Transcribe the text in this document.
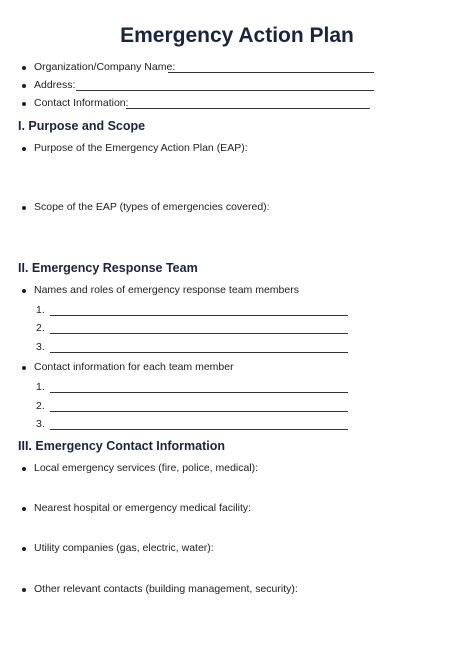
Emergency Action Plan
Organization/Company Name:
Address:
Contact Information:
I. Purpose and Scope
Purpose of the Emergency Action Plan (EAP):
Scope of the EAP (types of emergencies covered):
II. Emergency Response Team
Names and roles of emergency response team members
1.
2.
3.
Contact information for each team member
1.
2.
3.
III. Emergency Contact Information
Local emergency services (fire, police, medical):
Nearest hospital or emergency medical facility:
Utility companies (gas, electric, water):
Other relevant contacts (building management, security):
